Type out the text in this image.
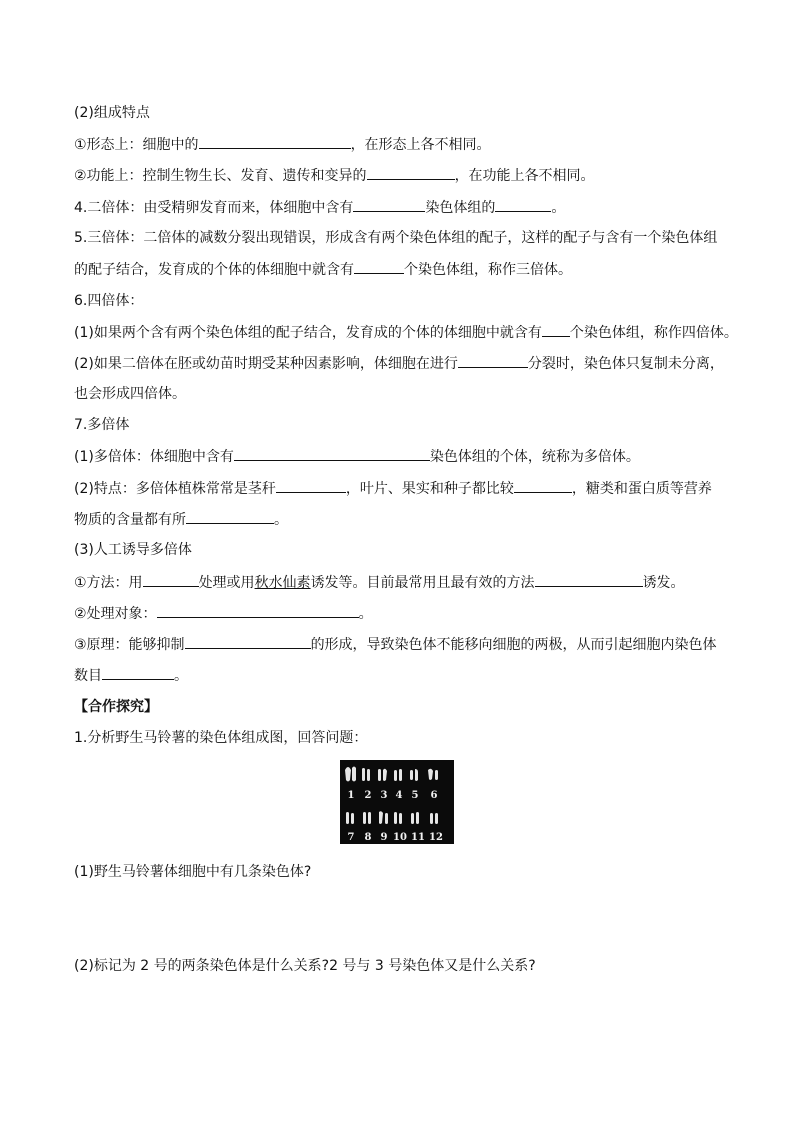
(2)组成特点
①形态上：细胞中的	，在形态上各不相同。
②功能上：控制生物生长、发育、遗传和变异的	，在功能上各不相同。
4.二倍体：由受精卵发育而来，体细胞中含有	染色体组的	。
5.三倍体：二倍体的减数分裂出现错误，形成含有两个染色体组的配子，这样的配子与含有一个染色体组
的配子结合，发育成的个体的体细胞中就含有	个染色体组，称作三倍体。
6.四倍体：
(1)如果两个含有两个染色体组的配子结合，发育成的个体的体细胞中就含有 个染色体组，称作四倍体。
(2)如果二倍体在胚或幼苗时期受某种因素影响，体细胞在进行	分裂时，染色体只复制未分离，
也会形成四倍体。
7.多倍体
(1)多倍体：体细胞中含有	染色体组的个体，统称为多倍体。
(2)特点：多倍体植株常常是茎秆	，叶片、果实和种子都比较	，糖类和蛋白质等营养
物质的含量都有所	。
(3)人工诱导多倍体
①方法：用	处理或用秋水仙素诱发等。目前最常用且最有效的方法	诱发。
②处理对象：	。
③原理：能够抑制	的形成，导致染色体不能移向细胞的两极，从而引起细胞内染色体
数目	。
【合作探究】
1.分析野生马铃薯的染色体组成图，回答问题：
1 2 3 4 5 6
7 8 9 10 11 12
(1)野生马铃薯体细胞中有几条染色体?
(2)标记为 2 号的两条染色体是什么关系?2 号与 3 号染色体又是什么关系?
